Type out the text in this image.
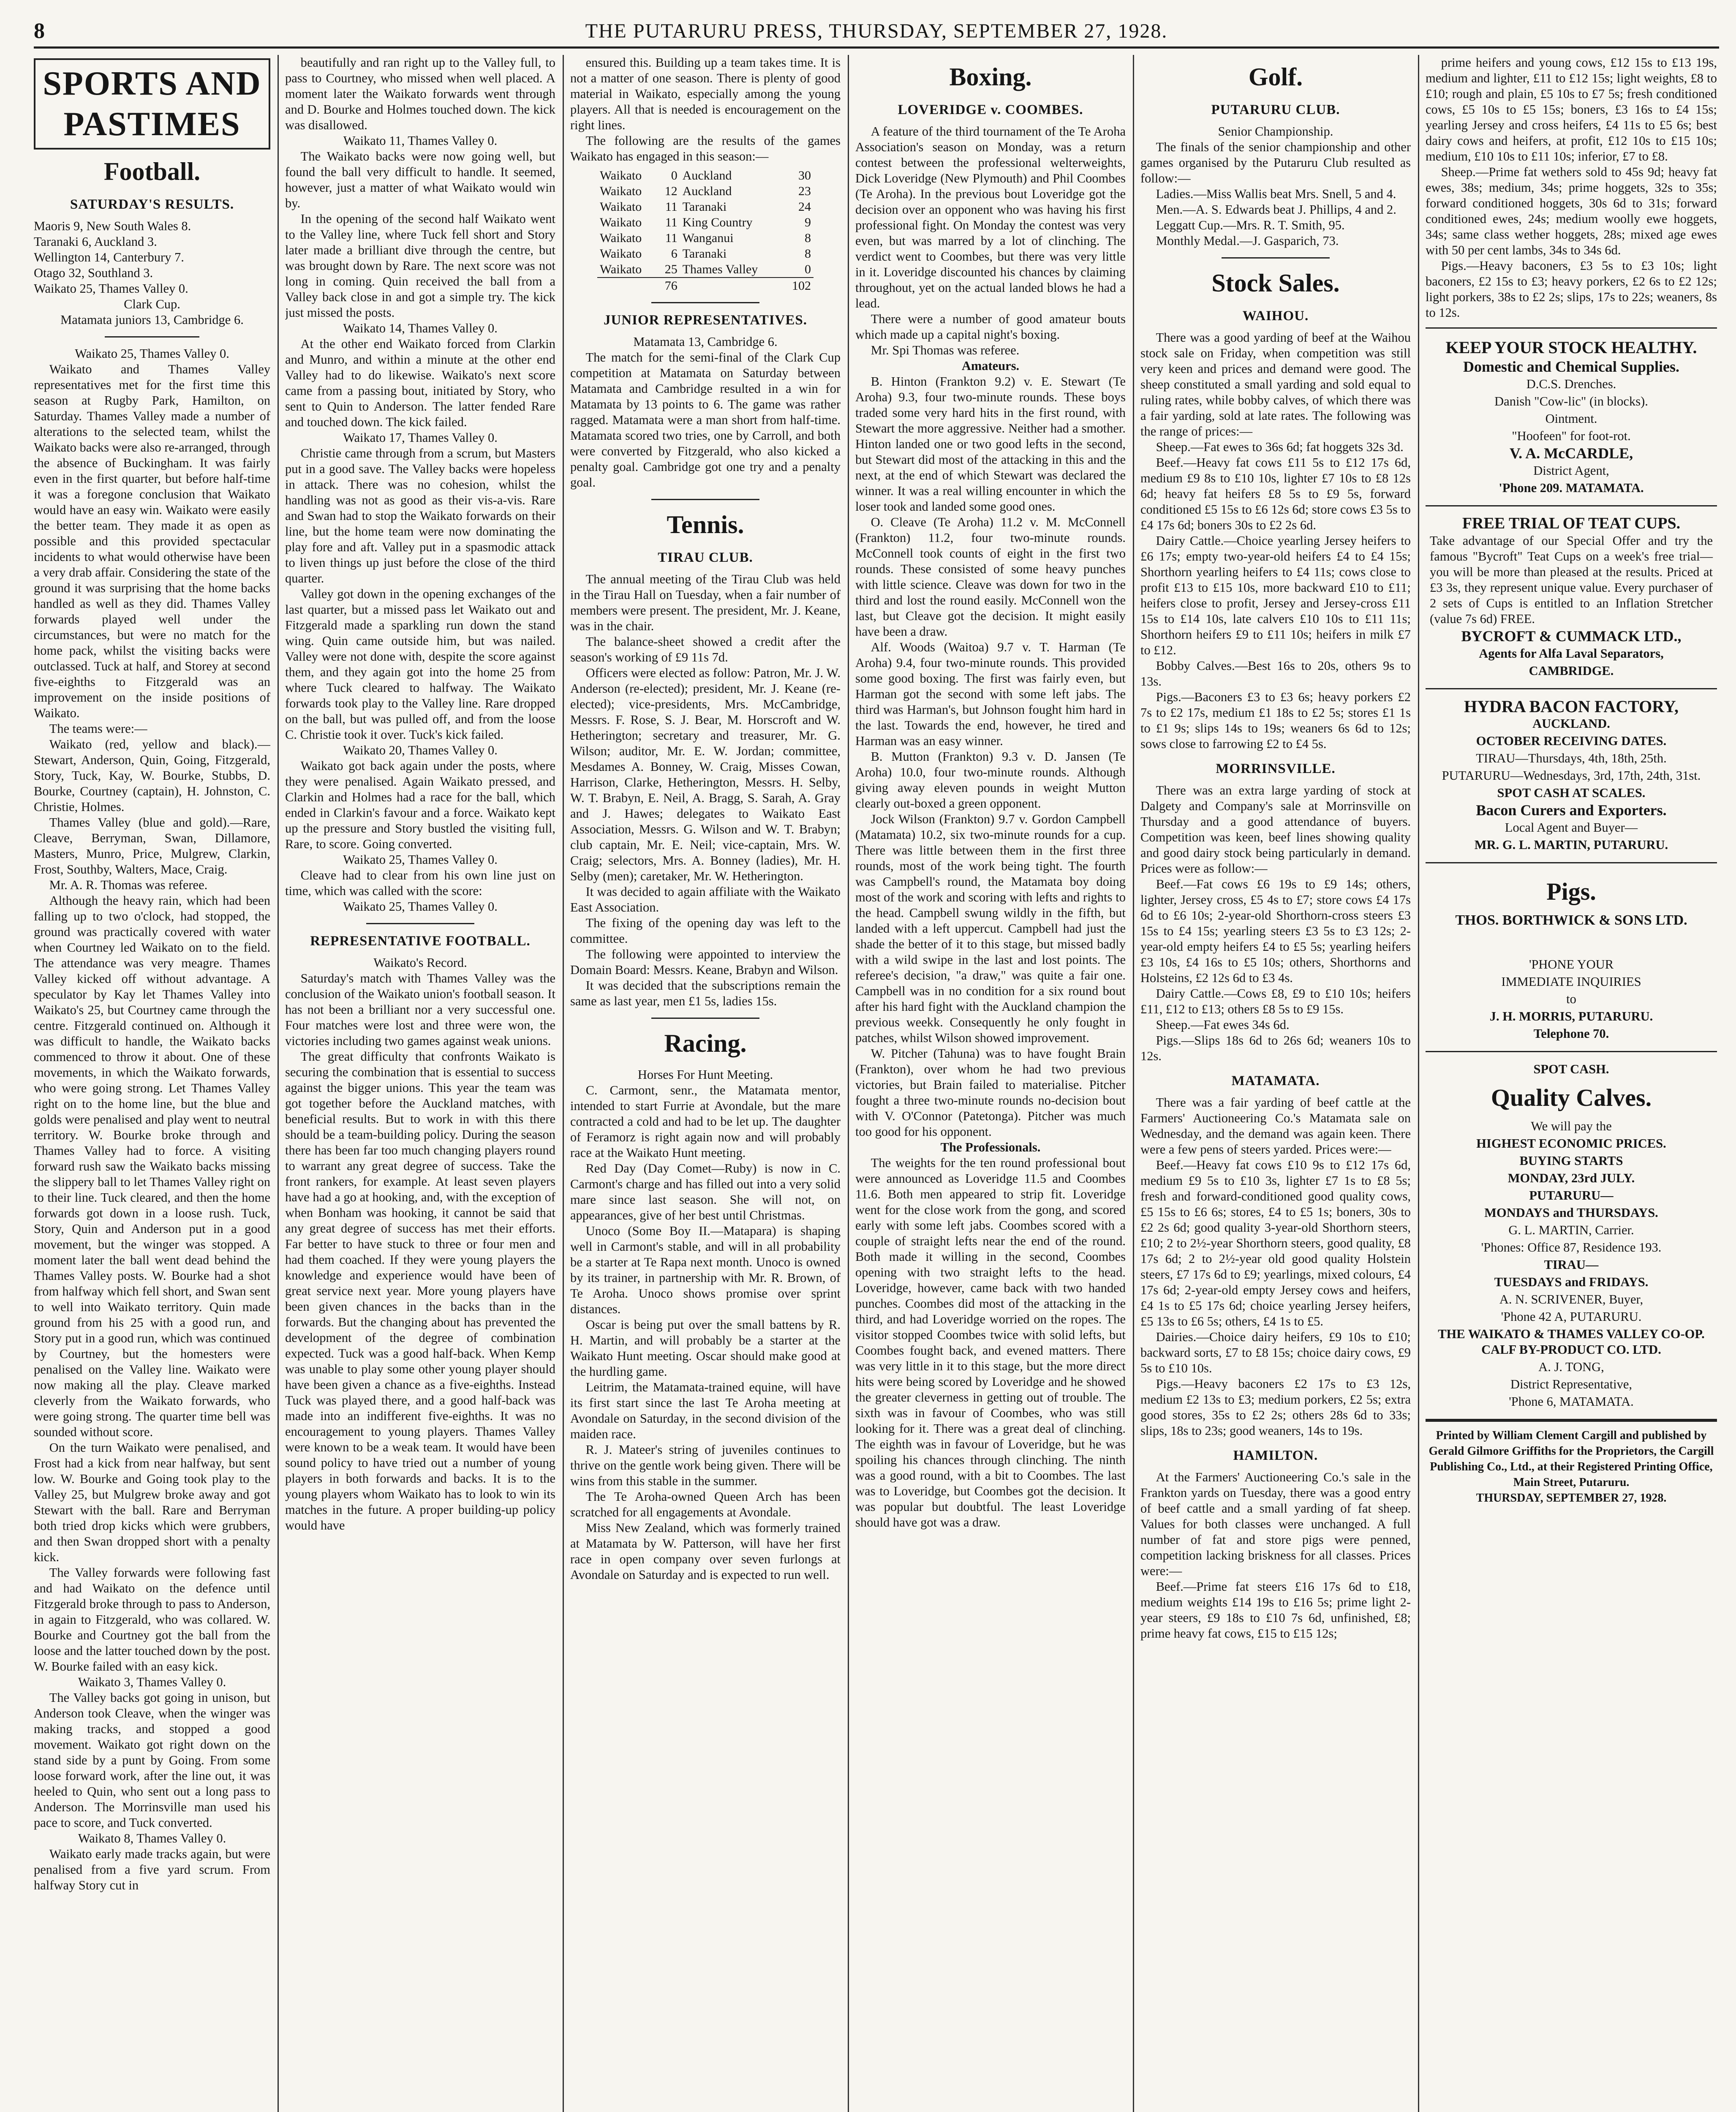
8	THE PUTARURU PRESS, THURSDAY, SEPTEMBER 27, 1928.
SPORTS AND PASTIMES
Football.
SATURDAY'S RESULTS.
Maoris 9, New South Wales 8.
Taranaki 6, Auckland 3.
Wellington 14, Canterbury 7.
Otago 32, Southland 3.
Waikato 25, Thames Valley 0.

Clark Cup.

Matamata juniors 13, Cambridge 6.

Waikato 25, Thames Valley 0.

Waikato and Thames Valley representatives met for the first time this season at Rugby Park, Hamilton, on Saturday. Thames Valley made a number of alterations to the selected team, whilst the Waikato backs were also re-arranged, through the absence of Buckingham. It was fairly even in the first quarter, but before half-time it was a foregone conclusion that Waikato would have an easy win. Waikato were easily the better team. They made it as open as possible and this provided spectacular incidents to what would otherwise have been a very drab affair. Considering the state of the ground it was surprising that the home backs handled as well as they did. Thames Valley forwards played well under the circumstances, but were no match for the home pack, whilst the visiting backs were outclassed. Tuck at half, and Storey at second five-eighths to Fitzgerald was an improvement on the inside positions of Waikato.

The teams were:—

Waikato (red, yellow and black).—Stewart, Anderson, Quin, Going, Fitzgerald, Story, Tuck, Kay, W. Bourke, Stubbs, D. Bourke, Courtney (captain), H. Johnston, C. Christie, Holmes.

Thames Valley (blue and gold).—Rare, Cleave, Berryman, Swan, Dillamore, Masters, Munro, Price, Mulgrew, Clarkin, Frost, Southby, Walters, Mace, Craig.

Mr. A. R. Thomas was referee.

Although the heavy rain, which had been falling up to two o'clock, had stopped, the ground was practically covered with water when Courtney led Waikato on to the field. The attendance was very meagre. Thames Valley kicked off without advantage. A speculator by Kay let Thames Valley into Waikato's 25, but Courtney came through the centre. Fitzgerald continued on. Although it was difficult to handle, the Waikato backs commenced to throw it about. One of these movements, in which the Waikato forwards, who were going strong. Let Thames Valley right on to the home line, but the blue and golds were penalised and play went to neutral territory. W. Bourke broke through and Thames Valley had to force. A visiting forward rush saw the Waikato backs missing the slippery ball to let Thames Valley right on to their line. Tuck cleared, and then the home forwards got down in a loose rush. Tuck, Story, Quin and Anderson put in a good movement, but the winger was stopped. A moment later the ball went dead behind the Thames Valley posts. W. Bourke had a shot from halfway which fell short, and Swan sent to well into Waikato territory. Quin made ground from his 25 with a good run, and Story put in a good run, which was continued by Courtney, but the homesters were penalised on the Valley line. Waikato were now making all the play. Cleave marked cleverly from the Waikato forwards, who were going strong. The quarter time bell was sounded without score.

On the turn Waikato were penalised, and Frost had a kick from near halfway, but sent low. W. Bourke and Going took play to the Valley 25, but Mulgrew broke away and got Stewart with the ball. Rare and Berryman both tried drop kicks which were grubbers, and then Swan dropped short with a penalty kick.

The Valley forwards were following fast and had Waikato on the defence until Fitzgerald broke through to pass to Anderson, in again to Fitzgerald, who was collared. W. Bourke and Courtney got the ball from the loose and the latter touched down by the post. W. Bourke failed with an easy kick.

Waikato 3, Thames Valley 0.

The Valley backs got going in unison, but Anderson took Cleave, when the winger was making tracks, and stopped a good movement. Waikato got right down on the stand side by a punt by Going. From some loose forward work, after the line out, it was heeled to Quin, who sent out a long pass to Anderson. The Morrinsville man used his pace to score, and Tuck converted.

Waikato 8, Thames Valley 0.

Waikato early made tracks again, but were penalised from a five yard scrum. From halfway Story cut in

beautifully and ran right up to the Valley full, to pass to Courtney, who missed when well placed. A moment later the Waikato forwards went through and D. Bourke and Holmes touched down. The kick was disallowed.

Waikato 11, Thames Valley 0.

The Waikato backs were now going well, but found the ball very difficult to handle. It seemed, however, just a matter of what Waikato would win by.

In the opening of the second half Waikato went to the Valley line, where Tuck fell short and Story later made a brilliant dive through the centre, but was brought down by Rare. The next score was not long in coming. Quin received the ball from a Valley back close in and got a simple try. The kick just missed the posts.

Waikato 14, Thames Valley 0.

At the other end Waikato forced from Clarkin and Munro, and within a minute at the other end Valley had to do likewise. Waikato's next score came from a passing bout, initiated by Story, who sent to Quin to Anderson. The latter fended Rare and touched down. The kick failed.

Waikato 17, Thames Valley 0.

Christie came through from a scrum, but Masters put in a good save. The Valley backs were hopeless in attack. There was no cohesion, whilst the handling was not as good as their vis-a-vis. Rare and Swan had to stop the Waikato forwards on their line, but the home team were now dominating the play fore and aft. Valley put in a spasmodic attack to liven things up just before the close of the third quarter.

Valley got down in the opening exchanges of the last quarter, but a missed pass let Waikato out and Fitzgerald made a sparkling run down the stand wing. Quin came outside him, but was nailed. Valley were not done with, despite the score against them, and they again got into the home 25 from where Tuck cleared to halfway. The Waikato forwards took play to the Valley line. Rare dropped on the ball, but was pulled off, and from the loose C. Christie took it over. Tuck's kick failed.

Waikato 20, Thames Valley 0.

Waikato got back again under the posts, where they were penalised. Again Waikato pressed, and Clarkin and Holmes had a race for the ball, which ended in Clarkin's favour and a force. Waikato kept up the pressure and Story bustled the visiting full, Rare, to score. Going converted.

Waikato 25, Thames Valley 0.

Cleave had to clear from his own line just on time, which was called with the score:

Waikato 25, Thames Valley 0.

REPRESENTATIVE FOOTBALL.

Waikato's Record.

Saturday's match with Thames Valley was the conclusion of the Waikato union's football season. It has not been a brilliant nor a very successful one. Four matches were lost and three were won, the victories including two games against weak unions.

The great difficulty that confronts Waikato is securing the combination that is essential to success against the bigger unions. This year the team was got together before the Auckland matches, with beneficial results. But to work in with this there should be a team-building policy. During the season there has been far too much changing players round to warrant any great degree of success. Take the front rankers, for example. At least seven players have had a go at hooking, and, with the exception of when Bonham was hooking, it cannot be said that any great degree of success has met their efforts. Far better to have stuck to three or four men and had them coached. If they were young players the knowledge and experience would have been of great service next year. More young players have been given chances in the backs than in the forwards. But the changing about has prevented the development of the degree of combination expected. Tuck was a good half-back. When Kemp was unable to play some other young player should have been given a chance as a five-eighths. Instead Tuck was played there, and a good half-back was made into an indifferent five-eighths. It was no encouragement to young players. Thames Valley were known to be a weak team. It would have been sound policy to have tried out a number of young players in both forwards and backs. It is to the young players whom Waikato has to look to win its matches in the future. A proper building-up policy would have

ensured this. Building up a team takes time. It is not a matter of one season. There is plenty of good material in Waikato, especially among the young players. All that is needed is encouragement on the right lines.

The following are the results of the games Waikato has engaged in this season:—

Waikato	0	Auckland	30
Waikato	12	Auckland	23
Waikato	11	Taranaki	24
Waikato	11	King Country	9
Waikato	11	Wanganui	8
Waikato	6	Taranaki	8
Waikato	25	Thames Valley	0
	76		102
JUNIOR REPRESENTATIVES.

Matamata 13, Cambridge 6.

The match for the semi-final of the Clark Cup competition at Matamata on Saturday between Matamata and Cambridge resulted in a win for Matamata by 13 points to 6. The game was rather ragged. Matamata were a man short from half-time. Matamata scored two tries, one by Carroll, and both were converted by Fitzgerald, who also kicked a penalty goal. Cambridge got one try and a penalty goal.

Tennis.
TIRAU CLUB.

The annual meeting of the Tirau Club was held in the Tirau Hall on Tuesday, when a fair number of members were present. The president, Mr. J. Keane, was in the chair.

The balance-sheet showed a credit after the season's working of £9 11s 7d.

Officers were elected as follow: Patron, Mr. J. W. Anderson (re-elected); president, Mr. J. Keane (re-elected); vice-presidents, Mrs. McCambridge, Messrs. F. Rose, S. J. Bear, M. Horscroft and W. Hetherington; secretary and treasurer, Mr. G. Wilson; auditor, Mr. E. W. Jordan; committee, Mesdames A. Bonney, W. Craig, Misses Cowan, Harrison, Clarke, Hetherington, Messrs. H. Selby, W. T. Brabyn, E. Neil, A. Bragg, S. Sarah, A. Gray and J. Hawes; delegates to Waikato East Association, Messrs. G. Wilson and W. T. Brabyn; club captain, Mr. E. Neil; vice-captain, Mrs. W. Craig; selectors, Mrs. A. Bonney (ladies), Mr. H. Selby (men); caretaker, Mr. W. Hetherington.

It was decided to again affiliate with the Waikato East Association.

The fixing of the opening day was left to the committee.

The following were appointed to interview the Domain Board: Messrs. Keane, Brabyn and Wilson.

It was decided that the subscriptions remain the same as last year, men £1 5s, ladies 15s.

Racing.

Horses For Hunt Meeting.

C. Carmont, senr., the Matamata mentor, intended to start Furrie at Avondale, but the mare contracted a cold and had to be let up. The daughter of Feramorz is right again now and will probably race at the Waikato Hunt meeting.

Red Day (Day Comet—Ruby) is now in C. Carmont's charge and has filled out into a very solid mare since last season. She will not, on appearances, give of her best until Christmas.

Unoco (Some Boy II.—Matapara) is shaping well in Carmont's stable, and will in all probability be a starter at Te Rapa next month. Unoco is owned by its trainer, in partnership with Mr. R. Brown, of Te Aroha. Unoco shows promise over sprint distances.

Oscar is being put over the small battens by R. H. Martin, and will probably be a starter at the Waikato Hunt meeting. Oscar should make good at the hurdling game.

Leitrim, the Matamata-trained equine, will have its first start since the last Te Aroha meeting at Avondale on Saturday, in the second division of the maiden race.

R. J. Mateer's string of juveniles continues to thrive on the gentle work being given. There will be wins from this stable in the summer.

The Te Aroha-owned Queen Arch has been scratched for all engagements at Avondale.

Miss New Zealand, which was formerly trained at Matamata by W. Patterson, will have her first race in open company over seven furlongs at Avondale on Saturday and is expected to run well.

Boxing.
LOVERIDGE v. COOMBES.

A feature of the third tournament of the Te Aroha Association's season on Monday, was a return contest between the professional welterweights, Dick Loveridge (New Plymouth) and Phil Coombes (Te Aroha). In the previous bout Loveridge got the decision over an opponent who was having his first professional fight. On Monday the contest was very even, but was marred by a lot of clinching. The verdict went to Coombes, but there was very little in it. Loveridge discounted his chances by claiming throughout, yet on the actual landed blows he had a lead.

There were a number of good amateur bouts which made up a capital night's boxing.

Mr. Spi Thomas was referee.

Amateurs.

B. Hinton (Frankton 9.2) v. E. Stewart (Te Aroha) 9.3, four two-minute rounds. These boys traded some very hard hits in the first round, with Stewart the more aggressive. Neither had a smother. Hinton landed one or two good lefts in the second, but Stewart did most of the attacking in this and the next, at the end of which Stewart was declared the winner. It was a real willing encounter in which the loser took and landed some good ones.

O. Cleave (Te Aroha) 11.2 v. M. McConnell (Frankton) 11.2, four two-minute rounds. McConnell took counts of eight in the first two rounds. These consisted of some heavy punches with little science. Cleave was down for two in the third and lost the round easily. McConnell won the last, but Cleave got the decision. It might easily have been a draw.

Alf. Woods (Waitoa) 9.7 v. T. Harman (Te Aroha) 9.4, four two-minute rounds. This provided some good boxing. The first was fairly even, but Harman got the second with some left jabs. The third was Harman's, but Johnson fought him hard in the last. Towards the end, however, he tired and Harman was an easy winner.

B. Mutton (Frankton) 9.3 v. D. Jansen (Te Aroha) 10.0, four two-minute rounds. Although giving away eleven pounds in weight Mutton clearly out-boxed a green opponent.

Jock Wilson (Frankton) 9.7 v. Gordon Campbell (Matamata) 10.2, six two-minute rounds for a cup. There was little between them in the first three rounds, most of the work being tight. The fourth was Campbell's round, the Matamata boy doing most of the work and scoring with lefts and rights to the head. Campbell swung wildly in the fifth, but landed with a left uppercut. Campbell had just the shade the better of it to this stage, but missed badly with a wild swipe in the last and lost points. The referee's decision, "a draw," was quite a fair one. Campbell was in no condition for a six round bout after his hard fight with the Auckland champion the previous weekk. Consequently he only fought in patches, whilst Wilson showed improvement.

W. Pitcher (Tahuna) was to have fought Brain (Frankton), over whom he had two previous victories, but Brain failed to materialise. Pitcher fought a three two-minute rounds no-decision bout with V. O'Connor (Patetonga). Pitcher was much too good for his opponent.

The Professionals.

The weights for the ten round professional bout were announced as Loveridge 11.5 and Coombes 11.6. Both men appeared to strip fit. Loveridge went for the close work from the gong, and scored early with some left jabs. Coombes scored with a couple of straight lefts near the end of the round. Both made it willing in the second, Coombes opening with two straight lefts to the head. Loveridge, however, came back with two handed punches. Coombes did most of the attacking in the third, and had Loveridge worried on the ropes. The visitor stopped Coombes twice with solid lefts, but Coombes fought back, and evened matters. There was very little in it to this stage, but the more direct hits were being scored by Loveridge and he showed the greater cleverness in getting out of trouble. The sixth was in favour of Coombes, who was still looking for it. There was a great deal of clinching. The eighth was in favour of Loveridge, but he was spoiling his chances through clinching. The ninth was a good round, with a bit to Coombes. The last was to Loveridge, but Coombes got the decision. It was popular but doubtful. The least Loveridge should have got was a draw.

Golf.
PUTARURU CLUB.

Senior Championship.

The finals of the senior championship and other games organised by the Putaruru Club resulted as follow:—

Ladies.—Miss Wallis beat Mrs. Snell, 5 and 4.

Men.—A. S. Edwards beat J. Phillips, 4 and 2.

Leggatt Cup.—Mrs. R. T. Smith, 95.

Monthly Medal.—J. Gasparich, 73.

Stock Sales.
WAIHOU.

There was a good yarding of beef at the Waihou stock sale on Friday, when competition was still very keen and prices and demand were good. The sheep constituted a small yarding and sold equal to ruling rates, while bobby calves, of which there was a fair yarding, sold at late rates. The following was the range of prices:—

Sheep.—Fat ewes to 36s 6d; fat hoggets 32s 3d.

Beef.—Heavy fat cows £11 5s to £12 17s 6d, medium £9 8s to £10 10s, lighter £7 10s to £8 12s 6d; heavy fat heifers £8 5s to £9 5s, forward conditioned £5 15s to £6 12s 6d; store cows £3 5s to £4 17s 6d; boners 30s to £2 2s 6d.

Dairy Cattle.—Choice yearling Jersey heifers to £6 17s; empty two-year-old heifers £4 to £4 15s; Shorthorn yearling heifers to £4 11s; cows close to profit £13 to £15 10s, more backward £10 to £11; heifers close to profit, Jersey and Jersey-cross £11 15s to £14 10s, late calvers £10 10s to £11 11s; Shorthorn heifers £9 to £11 10s; heifers in milk £7 to £12.

Bobby Calves.—Best 16s to 20s, others 9s to 13s.

Pigs.—Baconers £3 to £3 6s; heavy porkers £2 7s to £2 17s, medium £1 18s to £2 5s; stores £1 1s to £1 9s; slips 14s to 19s; weaners 6s 6d to 12s; sows close to farrowing £2 to £4 5s.

MORRINSVILLE.

There was an extra large yarding of stock at Dalgety and Company's sale at Morrinsville on Thursday and a good attendance of buyers. Competition was keen, beef lines showing quality and good dairy stock being particularly in demand. Prices were as follow:—

Beef.—Fat cows £6 19s to £9 14s; others, lighter, Jersey cross, £5 4s to £7; store cows £4 17s 6d to £6 10s; 2-year-old Shorthorn-cross steers £3 15s to £4 15s; yearling steers £3 5s to £3 12s; 2-year-old empty heifers £4 to £5 5s; yearling heifers £3 10s, £4 16s to £5 10s; others, Shorthorns and Holsteins, £2 12s 6d to £3 4s.

Dairy Cattle.—Cows £8, £9 to £10 10s; heifers £11, £12 to £13; others £8 5s to £9 15s.

Sheep.—Fat ewes 34s 6d.

Pigs.—Slips 18s 6d to 26s 6d; weaners 10s to 12s.

MATAMATA.

There was a fair yarding of beef cattle at the Farmers' Auctioneering Co.'s Matamata sale on Wednesday, and the demand was again keen. There were a few pens of steers yarded. Prices were:—

Beef.—Heavy fat cows £10 9s to £12 17s 6d, medium £9 5s to £10 3s, lighter £7 1s to £8 5s; fresh and forward-conditioned good quality cows, £5 15s to £6 6s; stores, £4 to £5 1s; boners, 30s to £2 2s 6d; good quality 3-year-old Shorthorn steers, £10; 2 to 2½-year Shorthorn steers, good quality, £8 17s 6d; 2 to 2½-year old good quality Holstein steers, £7 17s 6d to £9; yearlings, mixed colours, £4 17s 6d; 2-year-old empty Jersey cows and heifers, £4 1s to £5 17s 6d; choice yearling Jersey heifers, £5 13s to £6 5s; others, £4 1s to £5.

Dairies.—Choice dairy heifers, £9 10s to £10; backward sorts, £7 to £8 15s; choice dairy cows, £9 5s to £10 10s.

Pigs.—Heavy baconers £2 17s to £3 12s, medium £2 13s to £3; medium porkers, £2 5s; extra good stores, 35s to £2 2s; others 28s 6d to 33s; slips, 18s to 23s; good weaners, 14s to 19s.

HAMILTON.

At the Farmers' Auctioneering Co.'s sale in the Frankton yards on Tuesday, there was a good entry of beef cattle and a small yarding of fat sheep. Values for both classes were unchanged. A full number of fat and store pigs were penned, competition lacking briskness for all classes. Prices were:—

Beef.—Prime fat steers £16 17s 6d to £18, medium weights £14 19s to £16 5s; prime light 2-year steers, £9 18s to £10 7s 6d, unfinished, £8; prime heavy fat cows, £15 to £15 12s;

prime heifers and young cows, £12 15s to £13 19s, medium and lighter, £11 to £12 15s; light weights, £8 to £10; rough and plain, £5 10s to £7 5s; fresh conditioned cows, £5 10s to £5 15s; boners, £3 16s to £4 15s; yearling Jersey and cross heifers, £4 11s to £5 6s; best dairy cows and heifers, at profit, £12 10s to £15 10s; medium, £10 10s to £11 10s; inferior, £7 to £8.

Sheep.—Prime fat wethers sold to 45s 9d; heavy fat ewes, 38s; medium, 34s; prime hoggets, 32s to 35s; forward conditioned hoggets, 30s 6d to 31s; forward conditioned ewes, 24s; medium woolly ewe hoggets, 34s; same class wether hoggets, 28s; mixed age ewes with 50 per cent lambs, 34s to 34s 6d.

Pigs.—Heavy baconers, £3 5s to £3 10s; light baconers, £2 15s to £3; heavy porkers, £2 6s to £2 12s; light porkers, 38s to £2 2s; slips, 17s to 22s; weaners, 8s to 12s.

KEEP YOUR STOCK HEALTHY.
Domestic and Chemical Supplies.
D.C.S. Drenches.
Danish "Cow-lic" (in blocks).
Ointment.
"Hoofeen" for foot-rot.
V. A. McCARDLE,
District Agent,
'Phone 209. MATAMATA.
FREE TRIAL OF TEAT CUPS.
Take advantage of our Special Offer and try the famous "Bycroft" Teat Cups on a week's free trial—you will be more than pleased at the results. Priced at £3 3s, they represent unique value. Every purchaser of 2 sets of Cups is entitled to an Inflation Stretcher (value 7s 6d) FREE.
BYCROFT & CUMMACK LTD.,
Agents for Alfa Laval Separators,
CAMBRIDGE.
HYDRA BACON FACTORY,
AUCKLAND.
OCTOBER RECEIVING DATES.
TIRAU—Thursdays, 4th, 18th, 25th.
PUTARURU—Wednesdays, 3rd, 17th, 24th, 31st.
SPOT CASH AT SCALES.
Bacon Curers and Exporters.
Local Agent and Buyer—
MR. G. L. MARTIN, PUTARURU.
Pigs.
THOS. BORTHWICK & SONS LTD.
'PHONE YOUR
IMMEDIATE INQUIRIES
to
J. H. MORRIS, PUTARURU.
Telephone 70.
SPOT CASH.
Quality Calves.
We will pay the
HIGHEST ECONOMIC PRICES.
BUYING STARTS
MONDAY, 23rd JULY.
PUTARURU—
MONDAYS and THURSDAYS.
G. L. MARTIN, Carrier.
'Phones: Office 87, Residence 193.
TIRAU—
TUESDAYS and FRIDAYS.
A. N. SCRIVENER, Buyer,
'Phone 42 A, PUTARURU.
THE WAIKATO & THAMES VALLEY CO-OP. CALF BY-PRODUCT CO. LTD.
A. J. TONG,
District Representative,
'Phone 6, MATAMATA.
Printed by William Clement Cargill and published by Gerald Gilmore Griffiths for the Proprietors, the Cargill Publishing Co., Ltd., at their Registered Printing Office, Main Street, Putaruru.
THURSDAY, SEPTEMBER 27, 1928.
